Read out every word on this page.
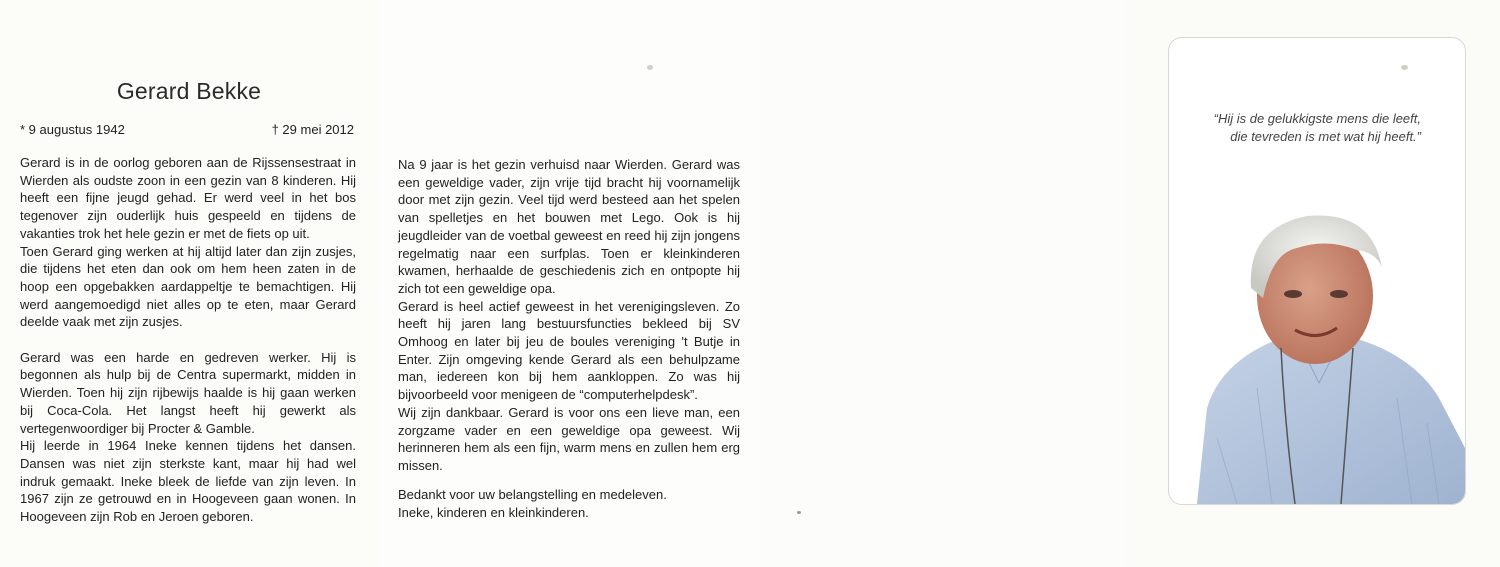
Gerard Bekke
* 9 augustus 1942	† 29 mei 2012

Gerard is in de oorlog geboren aan de Rijssensestraat in Wierden als oudste zoon in een gezin van 8 kinderen. Hij heeft een fijne jeugd gehad. Er werd veel in het bos tegenover zijn ouderlijk huis gespeeld en tijdens de vakanties trok het hele gezin er met de fiets op uit.

Toen Gerard ging werken at hij altijd later dan zijn zusjes, die tijdens het eten dan ook om hem heen zaten in de hoop een opgebakken aardappeltje te bemachtigen. Hij werd aangemoedigd niet alles op te eten, maar Gerard deelde vaak met zijn zusjes.

Gerard was een harde en gedreven werker. Hij is begonnen als hulp bij de Centra supermarkt, midden in Wierden. Toen hij zijn rijbewijs haalde is hij gaan werken bij Coca-Cola. Het langst heeft hij gewerkt als vertegenwoordiger bij Procter & Gamble.

Hij leerde in 1964 Ineke kennen tijdens het dansen. Dansen was niet zijn sterkste kant, maar hij had wel indruk gemaakt. Ineke bleek de liefde van zijn leven. In 1967 zijn ze getrouwd en in Hoogeveen gaan wonen. In Hoogeveen zijn Rob en Jeroen geboren.

Na 9 jaar is het gezin verhuisd naar Wierden. Gerard was een geweldige vader, zijn vrije tijd bracht hij voornamelijk door met zijn gezin. Veel tijd werd besteed aan het spelen van spelletjes en het bouwen met Lego. Ook is hij jeugdleider van de voetbal geweest en reed hij zijn jongens regelmatig naar een surfplas. Toen er kleinkinderen kwamen, herhaalde de geschiedenis zich en ontpopte hij zich tot een geweldige opa.

Gerard is heel actief geweest in het verenigingsleven. Zo heeft hij jaren lang bestuursfuncties bekleed bij SV Omhoog en later bij jeu de boules vereniging 't Butje in Enter. Zijn omgeving kende Gerard als een behulpzame man, iedereen kon bij hem aankloppen. Zo was hij bijvoorbeeld voor menigeen de “computerhelpdesk”.

Wij zijn dankbaar. Gerard is voor ons een lieve man, een zorgzame vader en een geweldige opa geweest. Wij herinneren hem als een fijn, warm mens en zullen hem erg missen.

Bedankt voor uw belangstelling en medeleven.
Ineke, kinderen en kleinkinderen.
“Hij is de gelukkigste mens die leeft,
die tevreden is met wat hij heeft.”
